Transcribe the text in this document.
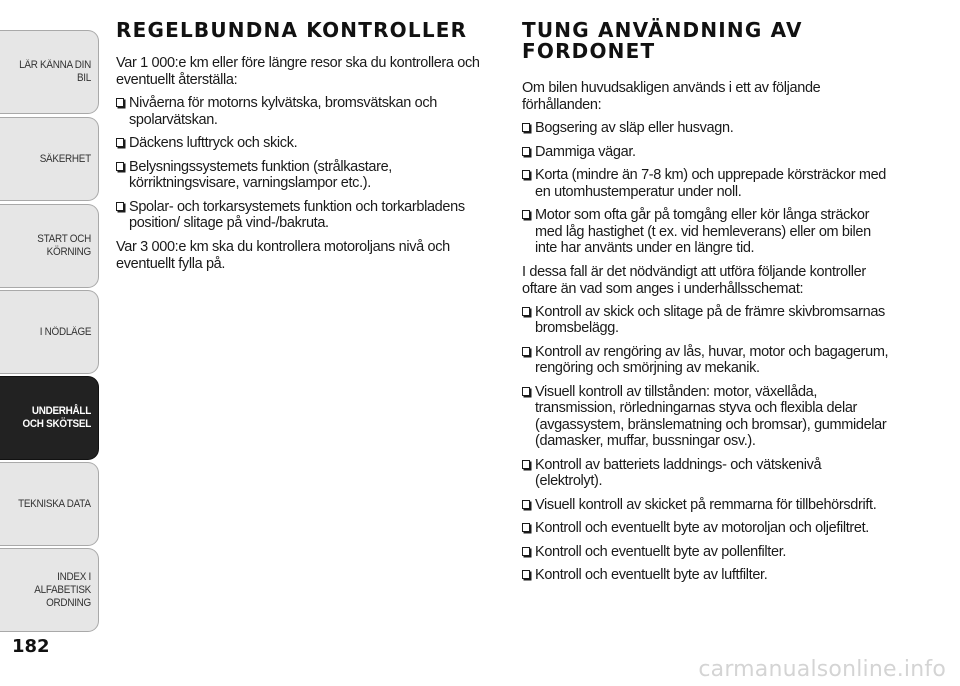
LÄR KÄNNA DIN BIL
SÄKERHET
START OCH KÖRNING
I NÖDLÄGE
UNDERHÅLL OCH SKÖTSEL
TEKNISKA DATA
INDEX I ALFABETISK ORDNING
182
REGELBUNDNA KONTROLLER
Var 1 000:e km eller före längre resor ska du kontrollera och eventuellt återställa:
Nivåerna för motorns kylvätska, bromsvätskan och spolarvätskan.
Däckens lufttryck och skick.
Belysningssystemets funktion (strålkastare, körriktningsvisare, varningslampor etc.).
Spolar- och torkarsystemets funktion och torkarbladens position/ slitage på vind-/bakruta.
Var 3 000:e km ska du kontrollera motoroljans nivå och eventuellt fylla på.
TUNG ANVÄNDNING AV FORDONET
Om bilen huvudsakligen används i ett av följande förhållanden:
Bogsering av släp eller husvagn.
Dammiga vägar.
Korta (mindre än 7-8 km) och upprepade körsträckor med en utomhustemperatur under noll.
Motor som ofta går på tomgång eller kör långa sträckor med låg hastighet (t ex. vid hemleverans) eller om bilen inte har använts under en längre tid.
I dessa fall är det nödvändigt att utföra följande kontroller oftare än vad som anges i underhållsschemat:
Kontroll av skick och slitage på de främre skivbromsarnas bromsbelägg.
Kontroll av rengöring av lås, huvar, motor och bagagerum, rengöring och smörjning av mekanik.
Visuell kontroll av tillstånden: motor, växellåda, transmission, rörledningarnas styva och flexibla delar (avgassystem, bränslematning och bromsar), gummidelar (damasker, muffar, bussningar osv.).
Kontroll av batteriets laddnings- och vätskenivå (elektrolyt).
Visuell kontroll av skicket på remmarna för tillbehörsdrift.
Kontroll och eventuellt byte av motoroljan och oljefiltret.
Kontroll och eventuellt byte av pollenfilter.
Kontroll och eventuellt byte av luftfilter.
carmanualsonline.info
